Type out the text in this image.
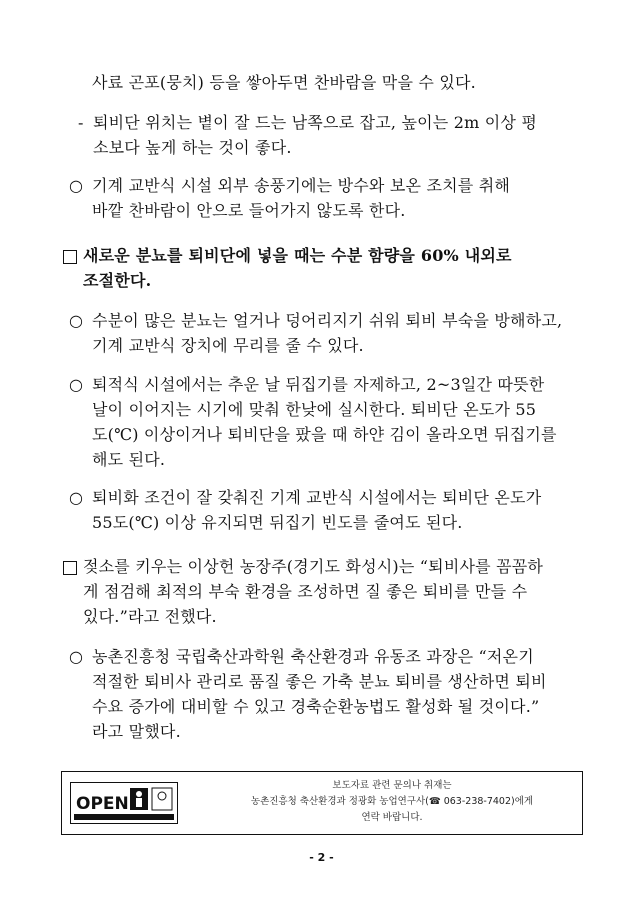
사료 곤포(뭉치) 등을 쌓아두면 찬바람을 막을 수 있다.
- 퇴비단 위치는 볕이 잘 드는 남쪽으로 잡고, 높이는 2m 이상 평
소보다 높게 하는 것이 좋다.
○ 기계 교반식 시설 외부 송풍기에는 방수와 보온 조치를 취해
바깥 찬바람이 안으로 들어가지 않도록 한다.
새로운 분뇨를 퇴비단에 넣을 때는 수분 함량을 60% 내외로
조절한다.
○ 수분이 많은 분뇨는 얼거나 덩어리지기 쉬워 퇴비 부숙을 방해하고,
기계 교반식 장치에 무리를 줄 수 있다.
○ 퇴적식 시설에서는 추운 날 뒤집기를 자제하고, 2~3일간 따뜻한
날이 이어지는 시기에 맞춰 한낮에 실시한다. 퇴비단 온도가 55
도(℃) 이상이거나 퇴비단을 팠을 때 하얀 김이 올라오면 뒤집기를
해도 된다.
○ 퇴비화 조건이 잘 갖춰진 기계 교반식 시설에서는 퇴비단 온도가
55도(℃) 이상 유지되면 뒤집기 빈도를 줄여도 된다.
젖소를 키우는 이상헌 농장주(경기도 화성시)는 “퇴비사를 꼼꼼하
게 점검해 최적의 부숙 환경을 조성하면 질 좋은 퇴비를 만들 수
있다.”라고 전했다.
○ 농촌진흥청 국립축산과학원 축산환경과 유동조 과장은 “저온기
적절한 퇴비사 관리로 품질 좋은 가축 분뇨 퇴비를 생산하면 퇴비
수요 증가에 대비할 수 있고 경축순환농법도 활성화 될 것이다.”
라고 말했다.
OPEN
보도자료 관련 문의나 취재는
농촌진흥청 축산환경과 정광화 농업연구사(☎ 063-238-7402)에게
연락 바랍니다.
- 2 -
